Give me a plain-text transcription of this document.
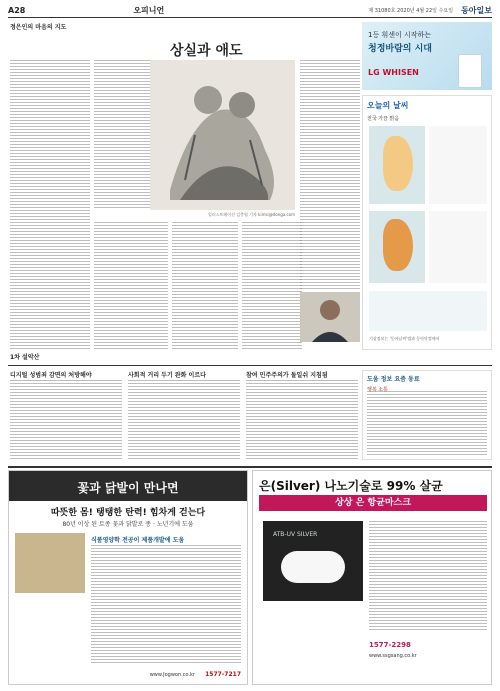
A28	오피니언	제 31080호 2020년 4월 22일 수요일 동아일보
정은인의 마음의 지도
상실과 애도
일러스트레이션 김충엽 기자 kimsi@donga.com
1차 설악산
1등 휘센이 시작하는
청정바람의 시대
LG WHISEN
오늘의 날씨
전국 가끔 맑음
기상정보는 '동아날씨'앱과 동아닷컴에서
디지털 성범죄 감면의 처방해야	사회적 거리 두기 완화 이르다	참여 민주주의가 돌일쉬 지침됨
도움 정보 요즘 동료
행복 소통
꽃과 닭발이 만나면
따뜻한 몸! 탱탱한 탄력! 힘차게 걷는다
80년 이상 된 토종 꽃과 닭발로 종 · 노년기에 도움
식품영양학 전공이 제품개발에 도움
1577-7217
www.Jogwon.co.kr
은(Silver) 나노기술로 99% 살균
상상 은 항균마스크
ATB-UV SILVER
1577-2298
www.ssgsang.co.kr
